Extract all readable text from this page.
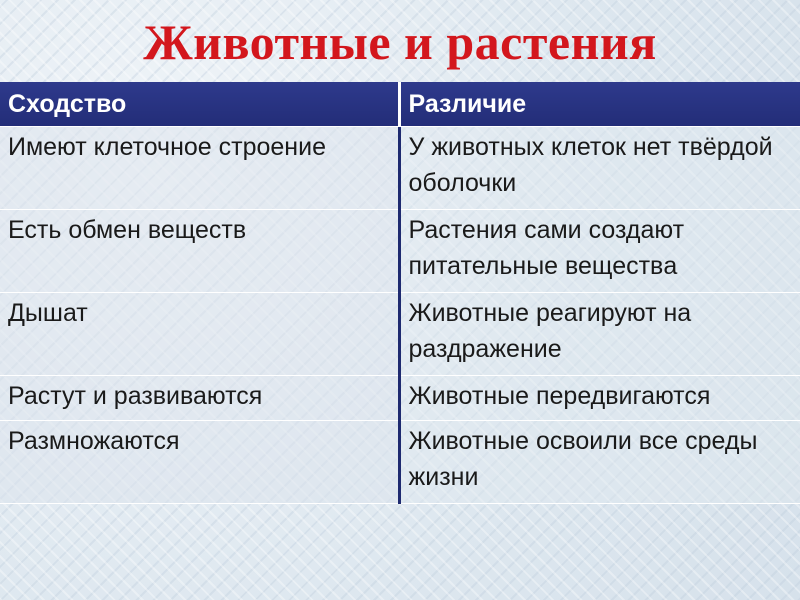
Животные и растения
Сходство	Различие
Имеют клеточное строение	У животных клеток нет твёрдой оболочки
Есть обмен веществ	Растения сами создают питательные веществa
Дышат	Животные реагируют на раздражение
Растут и развиваются	Животные передвигаются
Размножаются	Животные освоили все среды жизни
